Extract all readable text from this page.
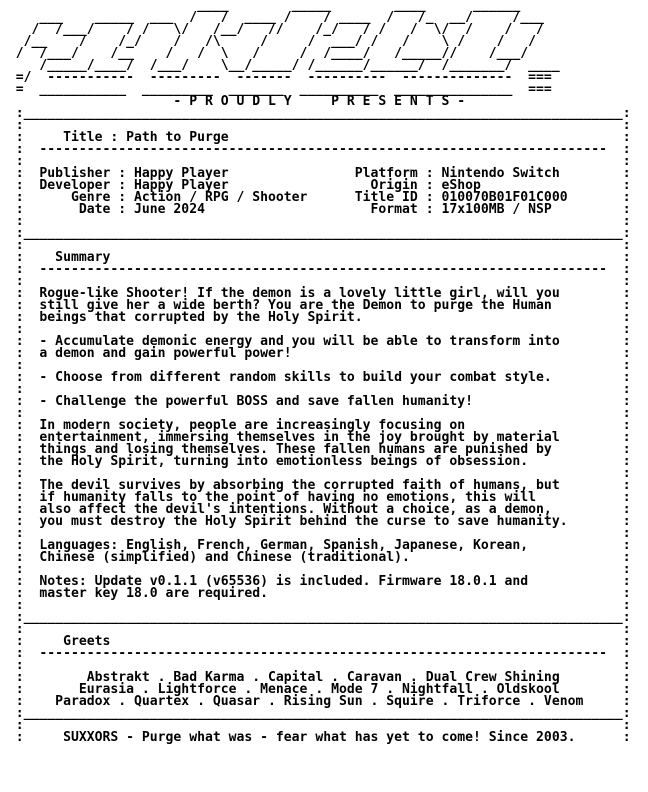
____        _____        ____      ______
___    _____  ___  /   /  ____ /    / ____  /   /_  __/     /___
/  /___/    / /   \/   /__/   //    /_/   / /   /  \/  /    /   /
/__    /    /_/    /   /\     /     /  ___/ /   /    \ /    /   /
/  /___/    /__    /   /  \   /     /  /____/   /_____//    /___/
/_____/____/  /___/    \__/_____/ /______/______/  /_______/  ____
=/  -----------  ---------  -------  ----------  --------------  ===
=  ___________  _________  _______  __________  _______________  ===
- P R O U D L Y     P R E S E N T S -
:____________________________________________________________________________:
:                                                                            :
:     Title : Path to Purge                                                  :
:  ------------------------------------------------------------------------  :
:                                                                            :
:  Publisher : Happy Player                Platform : Nintendo Switch        :
:  Developer : Happy Player                  Origin : eShop                  :
:      Genre : Action / RPG / Shooter      Title ID : 010070B01F01C000       :
:       Date : June 2024                     Format : 17x100MB / NSP         :
:                                                                            :
:____________________________________________________________________________:
:                                                                            :
:    Summary                                                                 :
:  ------------------------------------------------------------------------  :
:                                                                            :
:  Rogue-like Shooter! If the demon is a lovely little girl, will you        :
:  still give her a wide berth? You are the Demon to purge the Human         :
:  beings that corrupted by the Holy Spirit.                                 :
:                                                                            :
:  - Accumulate demonic energy and you will be able to transform into        :
:  a demon and gain powerful power!                                          :
:                                                                            :
:  - Choose from different random skills to build your combat style.         :
:                                                                            :
:  - Challenge the powerful BOSS and save fallen humanity!                   :
:                                                                            :
:  In modern society, people are increasingly focusing on                    :
:  entertainment, immersing themselves in the joy brought by material        :
:  things and losing themselves. These fallen humans are punished by         :
:  the Holy Spirit, turning into emotionless beings of obsession.            :
:                                                                            :
:  The devil survives by absorbing the corrupted faith of humans, but        :
:  if humanity falls to the point of having no emotions, this will           :
:  also affect the devil's intentions. Without a choice, as a demon,         :
:  you must destroy the Holy Spirit behind the curse to save humanity.       :
:                                                                            :
:  Languages: English, French, German, Spanish, Japanese, Korean,            :
:  Chinese (simplified) and Chinese (traditional).                           :
:                                                                            :
:  Notes: Update v0.1.1 (v65536) is included. Firmware 18.0.1 and            :
:  master key 18.0 are required.                                             :
:                                                                            :
:____________________________________________________________________________:
:                                                                            :
:     Greets                                                                 :
:  ------------------------------------------------------------------------  :
:                                                                            :
:        Abstrakt . Bad Karma . Capital . Caravan . Dual Crew Shining        :
:       Eurasia . Lightforce . Menace . Mode 7 . Nightfall . Oldskool        :
:    Paradox . Quartex . Quasar . Rising Sun . Squire . Triforce . Venom     :
:____________________________________________________________________________:
:                                                                            :
:     SUXXORS - Purge what was - fear what has yet to come! Since 2003.      :
